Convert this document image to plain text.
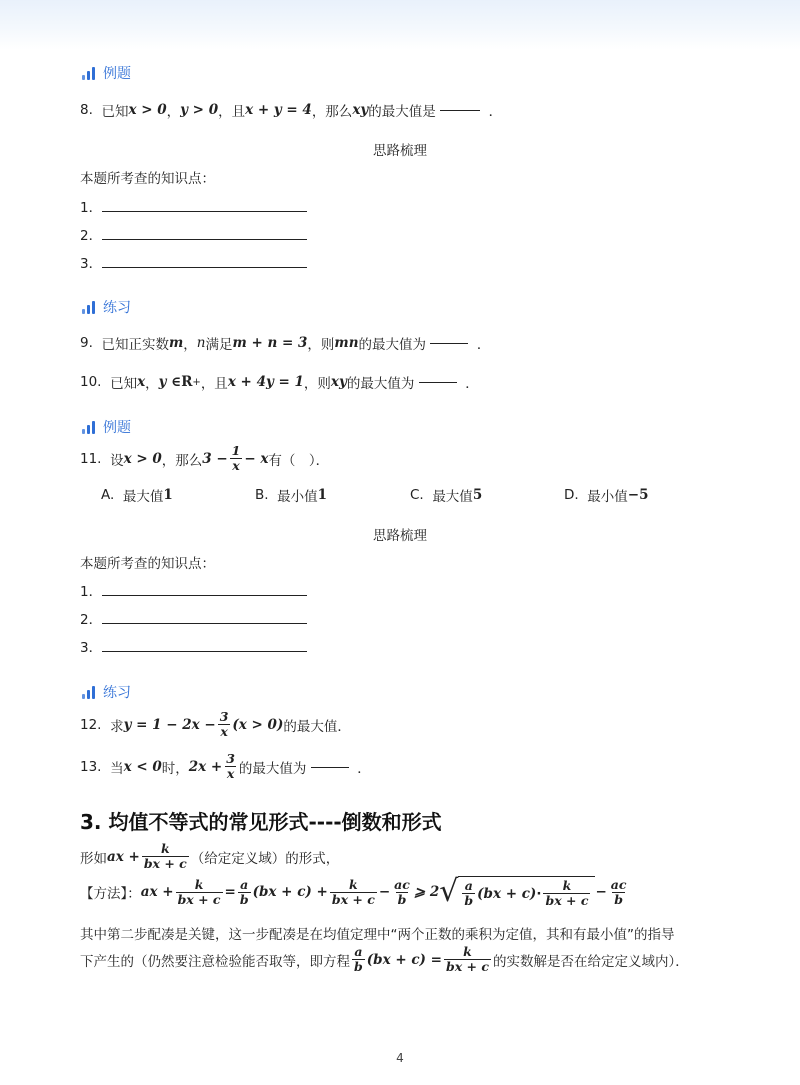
例题
8.
已知 x > 0 ， y > 0 ，且 x + y = 4 ，那么 xy 的最大值是

	．
思路梳理
本题所考查的知识点：
1．
2．
3．
练习
9.
已知正实数 m ， n 满足 m + n = 3 ，则 mn 的最大值为

	．
10.
已知 x ， y ∈ R + ，且 x + 4y = 1 ，则 xy 的最大值为

	．
例题
11.
设 x > 0 ，那么 $3 - \frac{1}{x} - x$ 有（　）．
A.
最大值 1	B.
最小值 1	C.
最大值 5	D.
最小值 −5
思路梳理
本题所考查的知识点：
1．
2．
3．
练习
12.
求 $y = 1 - 2x - \frac{3}{x} (x > 0)$ 的最大值．
13.
当 x < 0 时， $2x + \frac{3}{x}$ 的最大值为

	．
3. 均值不等式的常见形式----倒数和形式
形如 ax + $\frac{k}{bx + c}$ （给定定义域）的形式，
【方法】： ax + $\frac{k}{bx + c} = \frac{a}{b} (bx + c) + \frac{k}{bx + c} - \frac{ac}{b}$ ⩾ 2 √ $\frac{a}{b} (bx + c) \cdot \frac{k}{bx + c} - \frac{ac}{b}$
其中第二步配凑是关键，这一步配凑是在均值定理中“两个正数的乘积为定值，其和有最小值”的指导
下产生的（仍然要注意检验能否取等，即方程 $\frac{a}{b} (bx + c) = \frac{k}{bx + c}$ 的实数解是否在给定定义域内）．
4
